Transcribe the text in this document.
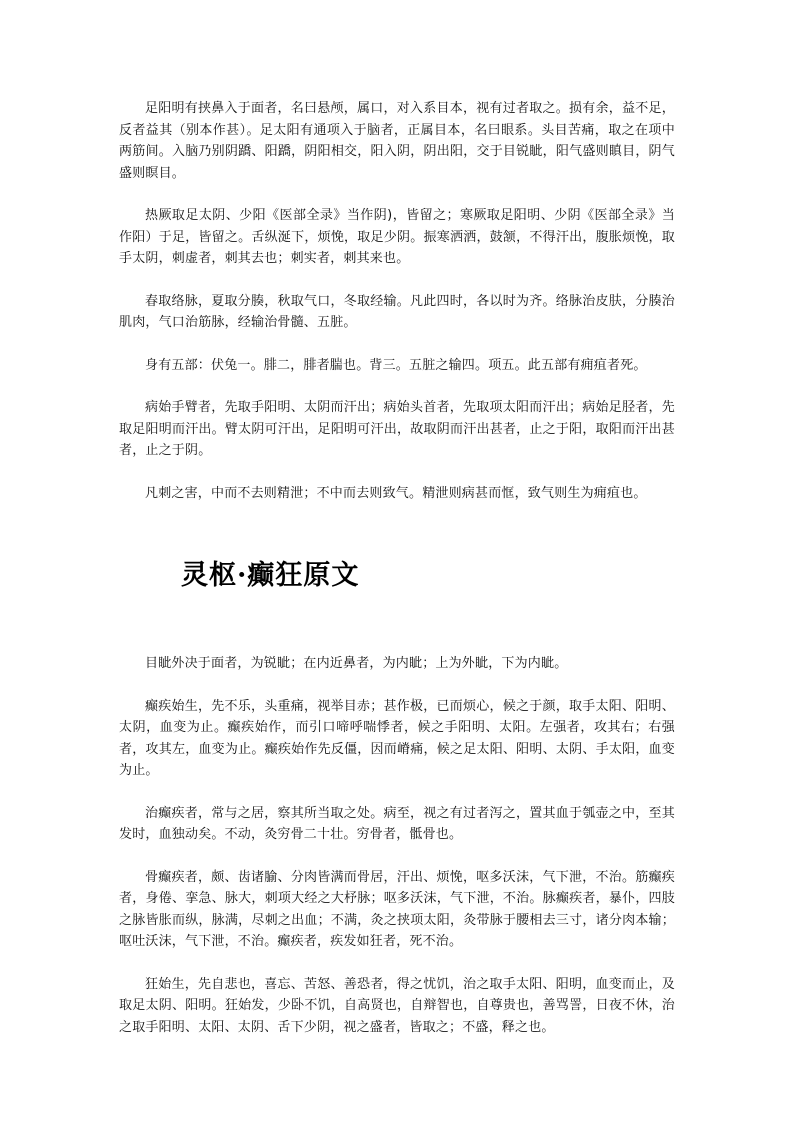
足阳明有挟鼻入于面者，名曰悬颅，属口，对入系目本，视有过者取之。损有余，益不足，反者益其（别本作甚）。足太阳有通项入于脑者，正属目本，名曰眼系。头目苦痛，取之在项中两筋间。入脑乃别阴蹻、阳蹻，阴阳相交，阳入阴，阴出阳，交于目锐眦，阳气盛则瞋目，阴气盛则瞑目。

热厥取足太阴、少阳《医部全录》当作阴)，皆留之；寒厥取足阳明、少阴《医部全录》当作阳）于足，皆留之。舌纵涎下，烦悗，取足少阴。振寒洒洒，鼓颔，不得汗出，腹胀烦悗，取手太阴，刺虚者，刺其去也；刺实者，刺其来也。

春取络脉，夏取分腠，秋取气口，冬取经输。凡此四时，各以时为齐。络脉治皮肤，分腠治肌肉，气口治筋脉，经输治骨髓、五脏。

身有五部：伏兔一。腓二，腓者腨也。背三。五脏之输四。项五。此五部有痈疽者死。

病始手臂者，先取手阳明、太阴而汗出；病始头首者，先取项太阳而汗出；病始足胫者，先取足阳明而汗出。臂太阴可汗出，足阳明可汗出，故取阴而汗出甚者，止之于阳，取阳而汗出甚者，止之于阴。

凡刺之害，中而不去则精泄；不中而去则致气。精泄则病甚而恇，致气则生为痈疽也。

灵枢·癫狂原文

目眦外决于面者，为锐眦；在内近鼻者，为内眦；上为外眦，下为内眦。

癫疾始生，先不乐，头重痛，视举目赤；甚作极，已而烦心，候之于颜，取手太阳、阳明、太阴，血变为止。癫疾始作，而引口啼呼喘悸者，候之手阳明、太阳。左强者，攻其右；右强者，攻其左，血变为止。癫疾始作先反僵，因而嵴痛，候之足太阳、阳明、太阴、手太阳，血变为止。

治癫疾者，常与之居，察其所当取之处。病至，视之有过者泻之，置其血于瓠壶之中，至其发时，血独动矣。不动，灸穷骨二十壮。穷骨者，骶骨也。

骨癫疾者，颇、齿诸腧、分肉皆满而骨居，汗出、烦悗，呕多沃沫，气下泄，不治。筋癫疾者，身倦、挛急、脉大，刺项大经之大杼脉；呕多沃沫，气下泄，不治。脉癫疾者，暴仆，四肢之脉皆胀而纵，脉满，尽刺之出血；不满，灸之挟项太阳，灸带脉于腰相去三寸，诸分肉本输；呕吐沃沫，气下泄，不治。癫疾者，疾发如狂者，死不治。

狂始生，先自悲也，喜忘、苦怒、善恐者，得之忧饥，治之取手太阳、阳明，血变而止，及取足太阴、阳明。狂始发，少卧不饥，自高贤也，自辩智也，自尊贵也，善骂詈，日夜不休，治之取手阳明、太阳、太阴、舌下少阴，视之盛者，皆取之；不盛，释之也。
